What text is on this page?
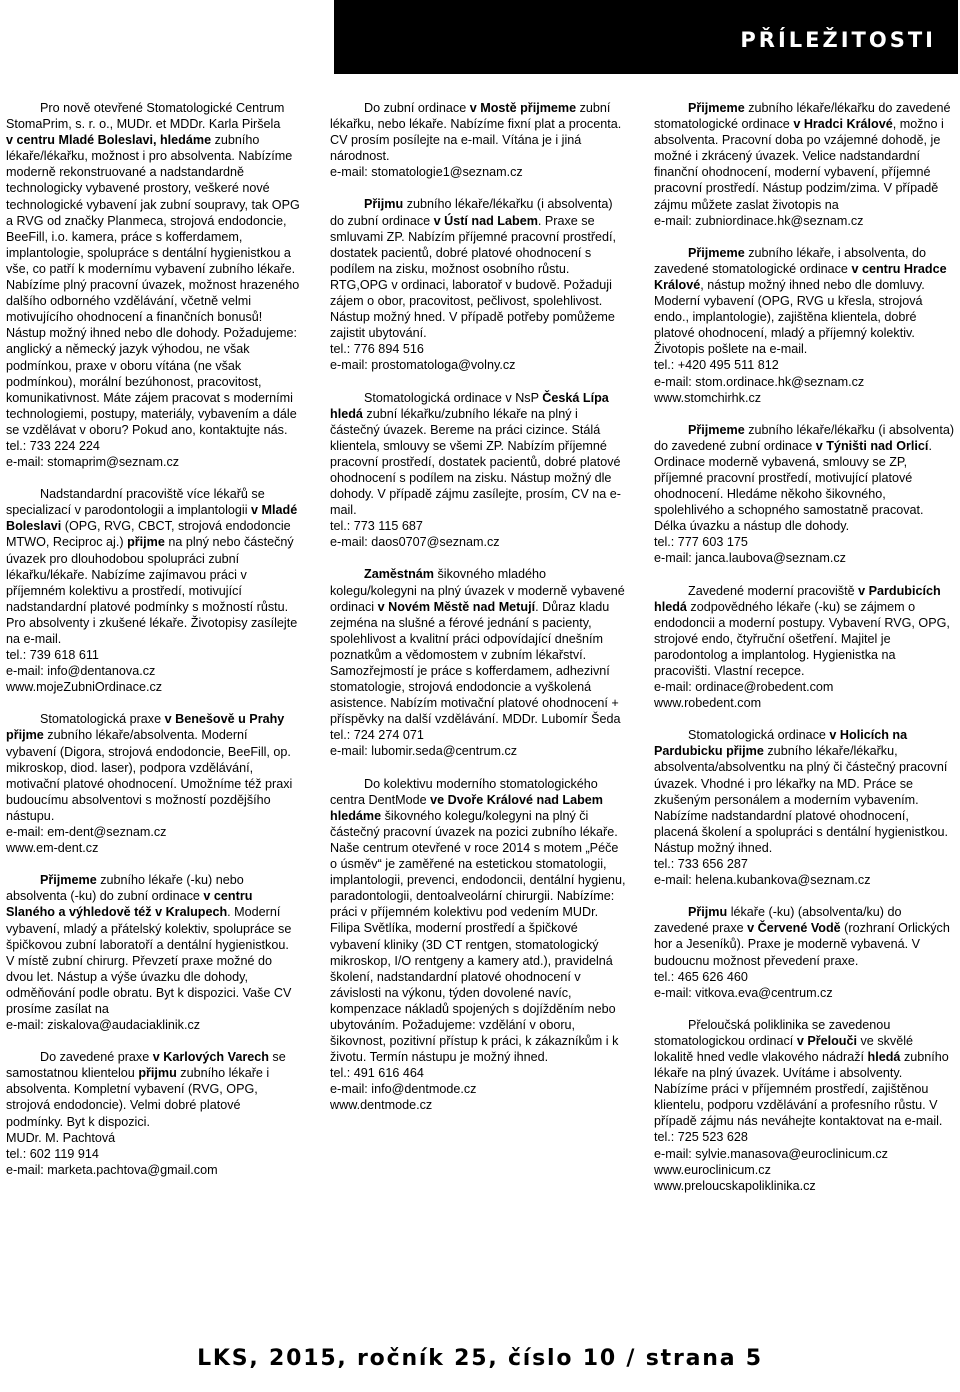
PŘÍLEŽITOSTI

Pro nově otevřené Stomatologické Centrum StomaPrim, s. r. o., MUDr. et MDDr. Karla Piršela

v centru Mladé Boleslavi, hledáme zubního lékaře/lékařku, možnost i pro absolventa. Nabízíme moderně rekonstruované a nadstandardně technologicky vybavené prostory, veškeré nové technologické vybavení jak zubní soupravy, tak OPG a RVG od značky Planmeca, strojová endodoncie, BeeFill, i.o. kamera, práce s kofferdamem, implantologie, spolupráce s dentální hygienistkou a vše, co patří k modernímu vybavení zubního lékaře. Nabízíme plný pracovní úvazek, možnost hrazeného dalšího odborného vzdělávání, včetně velmi motivujícího ohodnocení a finančních bonusů! Nástup možný ihned nebo dle dohody. Požadujeme: anglický a německý jazyk výhodou, ne však podmínkou, praxe v oboru vítána (ne však podmínkou), morální bezúhonost, pracovitost, komunikativnost. Máte zájem pracovat s moderními technologiemi, postupy, materiály, vybavením a dále se vzdělávat v oboru? Pokud ano, kontaktujte nás.

tel.: 733 224 224

e-mail: stomaprim@seznam.cz

Nadstandardní pracoviště více lékařů se specializací v parodontologii a implantologii v Mladé Boleslavi (OPG, RVG, CBCT, strojová endodoncie MTWO, Reciproc aj.) přijme na plný nebo částečný úvazek pro dlouhodobou spolupráci zubní lékařku/lékaře. Nabízíme zajímavou práci v příjemném kolektivu a prostředí, motivující nadstandardní platové podmínky s možností růstu. Pro absolventy i zkušené lékaře. Životopisy zasílejte na e-mail.

tel.: 739 618 611

e-mail: info@dentanova.cz

www.mojeZubniOrdinace.cz

Stomatologická praxe v Benešově u Prahy přijme zubního lékaře/absolventa. Moderní vybavení (Digora, strojová endodoncie, BeeFill, op. mikroskop, diod. laser), podpora vzdělávání, motivační platové ohodnocení. Umožníme též praxi budoucímu absolventovi s možností pozdějšího nástupu.

e-mail: em-dent@seznam.cz

www.em-dent.cz

Přijmeme zubního lékaře (-ku) nebo absolventa (-ku) do zubní ordinace v centru Slaného a výhledově též v Kralupech. Moderní vybavení, mladý a přátelský kolektiv, spolupráce se špičkovou zubní laboratoří a dentální hygienistkou. V místě zubní chirurg. Převzetí praxe možné do dvou let. Nástup a výše úvazku dle dohody, odměňování podle obratu. Byt k dispozici. Vaše CV prosíme zasílat na

e-mail: ziskalova@audaciaklinik.cz

Do zavedené praxe v Karlových Varech se samostatnou klientelou přijmu zubního lékaře i absolventa. Kompletní vybavení (RVG, OPG, strojová endodoncie). Velmi dobré platové podmínky. Byt k dispozici.

MUDr. M. Pachtová

tel.: 602 119 914

e-mail: marketa.pachtova@gmail.com

Do zubní ordinace v Mostě přijmeme zubní lékařku, nebo lékaře. Nabízíme fixní plat a procenta. CV prosím posílejte na e-mail. Vítána je i jiná národnost.

e-mail: stomatologie1@seznam.cz

Přijmu zubního lékaře/lékařku (i absolventa) do zubní ordinace v Ústí nad Labem. Praxe se smluvami ZP. Nabízím příjemné pracovní prostředí, dostatek pacientů, dobré platové ohodnocení s podílem na zisku, možnost osobního růstu. RTG,OPG v ordinaci, laboratoř v budově. Požaduji zájem o obor, pracovitost, pečlivost, spolehlivost. Nástup možný hned. V případě potřeby pomůžeme zajistit ubytování.

tel.: 776 894 516

e-mail: prostomatologa@volny.cz

Stomatologická ordinace v NsP Česká Lípa hledá zubní lékařku/zubního lékaře na plný i částečný úvazek. Bereme na práci cizince. Stálá klientela, smlouvy se všemi ZP. Nabízím příjemné pracovní prostředí, dostatek pacientů, dobré platové ohodnocení s podílem na zisku. Nástup možný dle dohody. V případě zájmu zasílejte, prosím, CV na e-mail.

tel.: 773 115 687

e-mail: daos0707@seznam.cz

Zaměstnám šikovného mladého kolegu/kolegyni na plný úvazek v moderně vybavené ordinaci v Novém Městě nad Metují. Důraz kladu zejména na slušné a férové jednání s pacienty, spolehlivost a kvalitní práci odpovídající dnešním poznatkům a vědomostem v zubním lékařství. Samozřejmostí je práce s kofferdamem, adhezivní stomatologie, strojová endodoncie a vyškolená asistence. Nabízím motivační platové ohodnocení + příspěvky na další vzdělávání. MDDr. Lubomír Šeda

tel.: 724 274 071

e-mail: lubomir.seda@centrum.cz

Do kolektivu moderního stomatologického centra DentMode ve Dvoře Králové nad Labem hledáme šikovného kolegu/kolegyni na plný či částečný pracovní úvazek na pozici zubního lékaře. Naše centrum otevřené v roce 2014 s motem „Péče o úsměv“ je zaměřené na estetickou stomatologii, implantologii, prevenci, endodoncii, dentální hygienu, paradontologii, dentoalveolární chirurgii. Nabízíme: práci v příjemném kolektivu pod vedením MUDr. Filipa Světlíka, moderní prostředí a špičkové vybavení kliniky (3D CT rentgen, stomatologický mikroskop, I/O rentgeny a kamery atd.), pravidelná školení, nadstandardní platové ohodnocení v závislosti na výkonu, týden dovolené navíc, kompenzace nákladů spojených s dojížděním nebo ubytováním. Požadujeme: vzdělání v oboru, šikovnost, pozitivní přístup k práci, k zákazníkům i k životu. Termín nástupu je možný ihned.

tel.: 491 616 464

e-mail: info@dentmode.cz

www.dentmode.cz

Přijmeme zubního lékaře/lékařku do zavedené stomatologické ordinace v Hradci Králové, možno i absolventa. Pracovní doba po vzájemné dohodě, je možné i zkrácený úvazek. Velice nadstandardní finanční ohodnocení, moderní vybavení, příjemné pracovní prostředí. Nástup podzim/zima. V případě zájmu můžete zaslat životopis na

e-mail: zubniordinace.hk@seznam.cz

Přijmeme zubního lékaře, i absolventa, do zavedené stomatologické ordinace v centru Hradce Králové, nástup možný ihned nebo dle domluvy. Moderní vybavení (OPG, RVG u křesla, strojová endo., implantologie), zajištěna klientela, dobré platové ohodnocení, mladý a příjemný kolektiv. Životopis pošlete na e-mail.

tel.: +420 495 511 812

e-mail: stom.ordinace.hk@seznam.cz

www.stomchirhk.cz

Přijmeme zubního lékaře/lékařku (i absolventa) do zavedené zubní ordinace v Týništi nad Orlicí. Ordinace moderně vybavená, smlouvy se ZP, příjemné pracovní prostředí, motivující platové ohodnocení. Hledáme někoho šikovného, spolehlivého a schopného samostatně pracovat. Délka úvazku a nástup dle dohody.

tel.: 777 603 175

e-mail: janca.laubova@seznam.cz

Zavedené moderní pracoviště v Pardubicích hledá zodpovědného lékaře (-ku) se zájmem o endodoncii a moderní postupy. Vybavení RVG, OPG, strojové endo, čtyřruční ošetření. Majitel je parodontolog a implantolog. Hygienistka na pracovišti. Vlastní recepce.

e-mail: ordinace@robedent.com

www.robedent.com

Stomatologická ordinace v Holicích na Pardubicku přijme zubního lékaře/lékařku, absolventa/absolventku na plný či částečný pracovní úvazek. Vhodné i pro lékařky na MD. Práce se zkušeným personálem a moderním vybavením. Nabízíme nadstandardní platové ohodnocení, placená školení a spolupráci s dentální hygienistkou. Nástup možný ihned.

tel.: 733 656 287

e-mail: helena.kubankova@seznam.cz

Přijmu lékaře (-ku) (absolventa/ku) do zavedené praxe v Červené Vodě (rozhraní Orlických hor a Jeseníků). Praxe je moderně vybavená. V budoucnu možnost převedení praxe.

tel.: 465 626 460

e-mail: vitkova.eva@centrum.cz

Přeloučská poliklinika se zavedenou stomatologickou ordinací v Přelouči ve skvělé lokalitě hned vedle vlakového nádraží hledá zubního lékaře na plný úvazek. Uvítáme i absolventy. Nabízíme práci v příjemném prostředí, zajištěnou klientelu, podporu vzdělávání a profesního růstu. V případě zájmu nás neváhejte kontaktovat na e-mail.

tel.: 725 523 628

e-mail: sylvie.manasova@euroclinicum.cz

www.euroclinicum.cz

www.preloucskapoliklinika.cz

LKS, 2015, ročník 25, číslo 10 / strana 5
